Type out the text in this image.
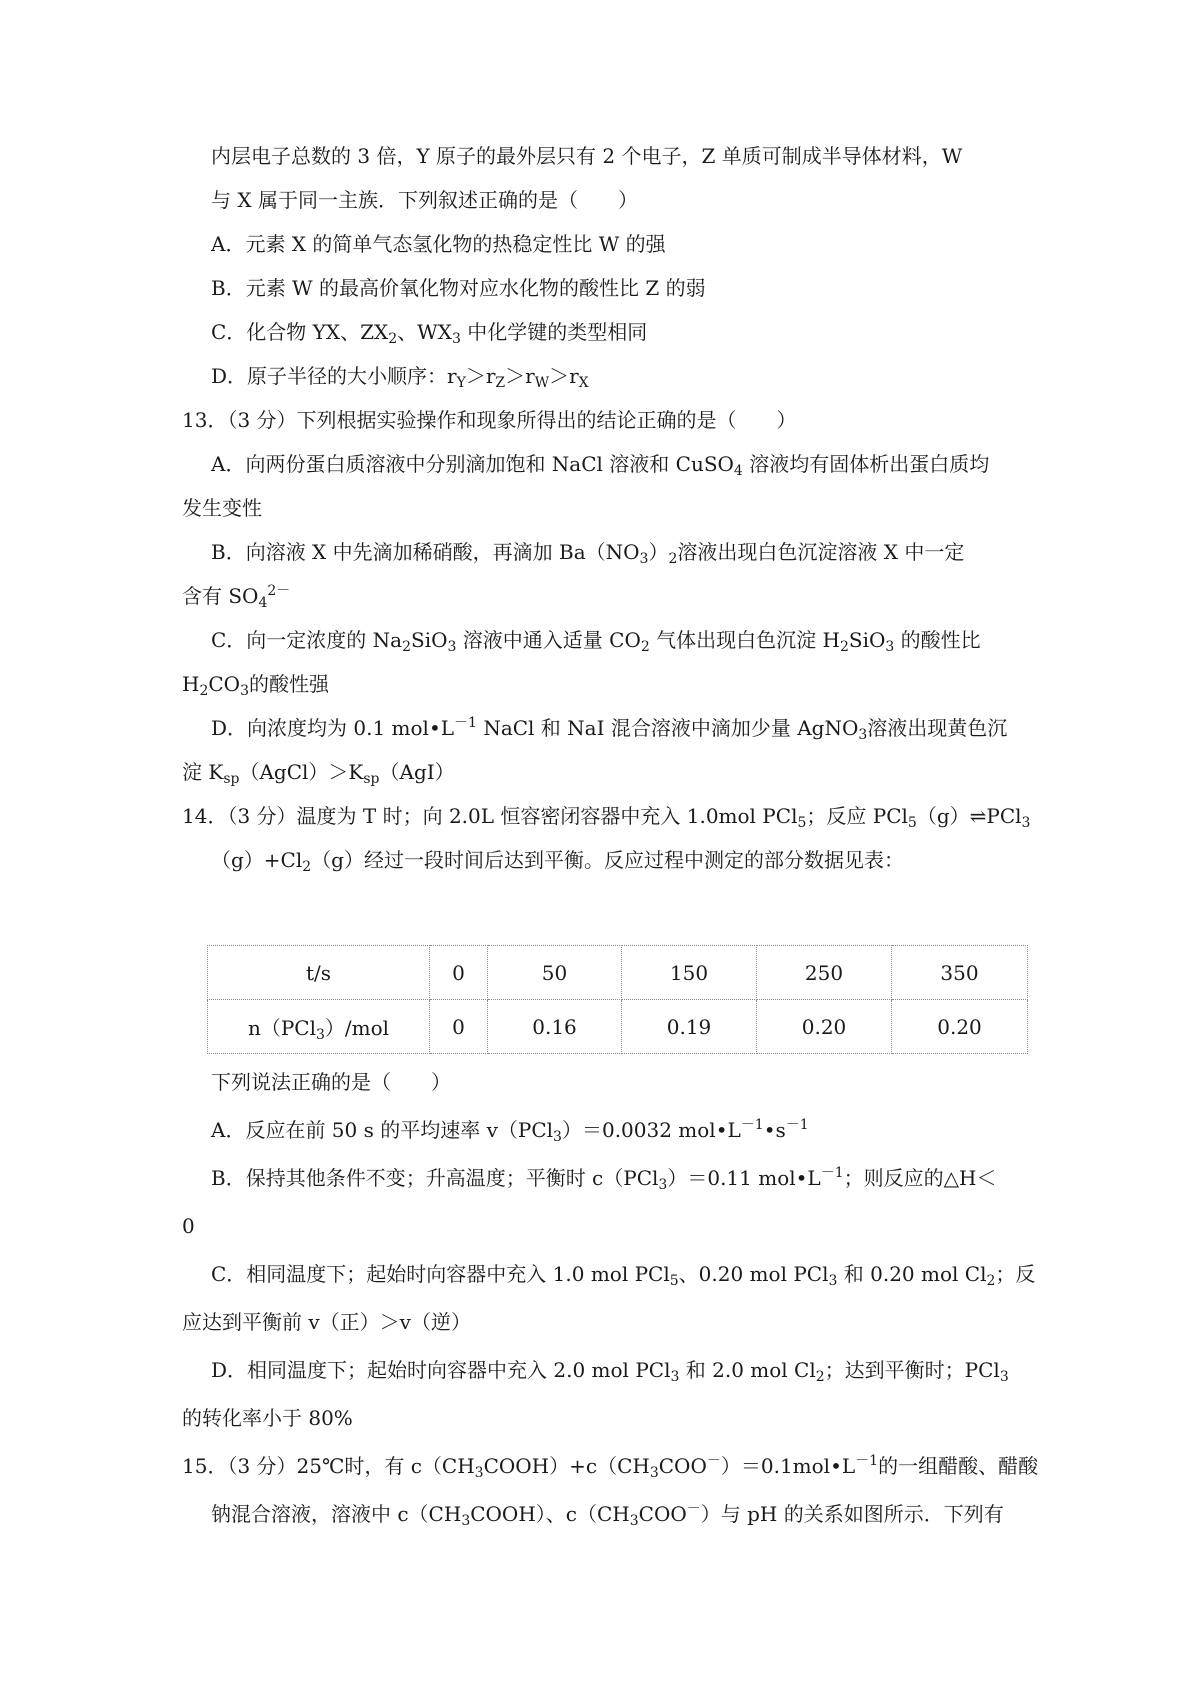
内层电子总数的 3 倍，Y 原子的最外层只有 2 个电子，Z 单质可制成半导体材料，W
与 X 属于同一主族．下列叙述正确的是（　　）
A．元素 X 的简单气态氢化物的热稳定性比 W 的强
B．元素 W 的最高价氧化物对应水化物的酸性比 Z 的弱
C．化合物 YX、$ZX_2$、$WX_3$ 中化学键的类型相同
D．原子半径的大小顺序：$r_Y>r_Z>r_W>r_X$
13．（3 分）下列根据实验操作和现象所得出的结论正确的是（　　）
A．向两份蛋白质溶液中分别滴加饱和 NaCl 溶液和 CuSO$_4$ 溶液均有固体析出蛋白质均
发生变性
B．向溶液 X 中先滴加稀硝酸，再滴加 $Ba(NO_3)_2$溶液出现白色沉淀溶液 X 中一定
含有 $SO_4^{2-}$
C．向一定浓度的 $Na_2SiO_3$ 溶液中通入适量 $CO_2$ 气体出现白色沉淀 $H_2SiO_3$ 的酸性比
$H_2CO_3$的酸性强
D．向浓度均为 0.1 $mol•L^{-1}$ NaCl 和 NaI 混合溶液中滴加少量 AgNO$_3$溶液出现黄色沉
淀 $K_{sp}(AgCl)>K_{sp}(AgI)$
14．（3 分）温度为 T 时；向 2.0L 恒容密闭容器中充入 1.0mol PCl$_5$；反应 PCl$_5$（g）⇌PCl$_3$
$(g)+Cl_2(g)$经过一段时间后达到平衡。反应过程中测定的部分数据见表：
t/s	0	50	150	250	350
n（PCl$_3$）/mol	0	0.16	0.19	0.20	0.20
下列说法正确的是（　　）
A．反应在前 50 s 的平均速率 v（PCl$_3$）＝0.0032 $mol•L^{-1}•s^{-1}$
B．保持其他条件不变；升高温度；平衡时 c（PCl$_3$）＝0.11 $mol•L^{-1}$；则反应的△H＜
0
C．相同温度下；起始时向容器中充入 1.0 mol PCl$_5$、0.20 mol PCl$_3$ 和 0.20 mol $Cl_2$；反
应达到平衡前 v（正）＞v（逆）
D．相同温度下；起始时向容器中充入 2.0 mol PCl$_3$ 和 2.0 mol $Cl_2$；达到平衡时；PCl$_3$
的转化率小于 80%
15．（3 分）25℃时，有 $c(CH_3COOH)+c(CH_3COO^-)=0.1mol•L^{-1}$的一组醋酸、醋酸
钠混合溶液，溶液中 $c(CH_3COOH)$、$c(CH_3COO^-)$与 pH 的关系如图所示．下列有
